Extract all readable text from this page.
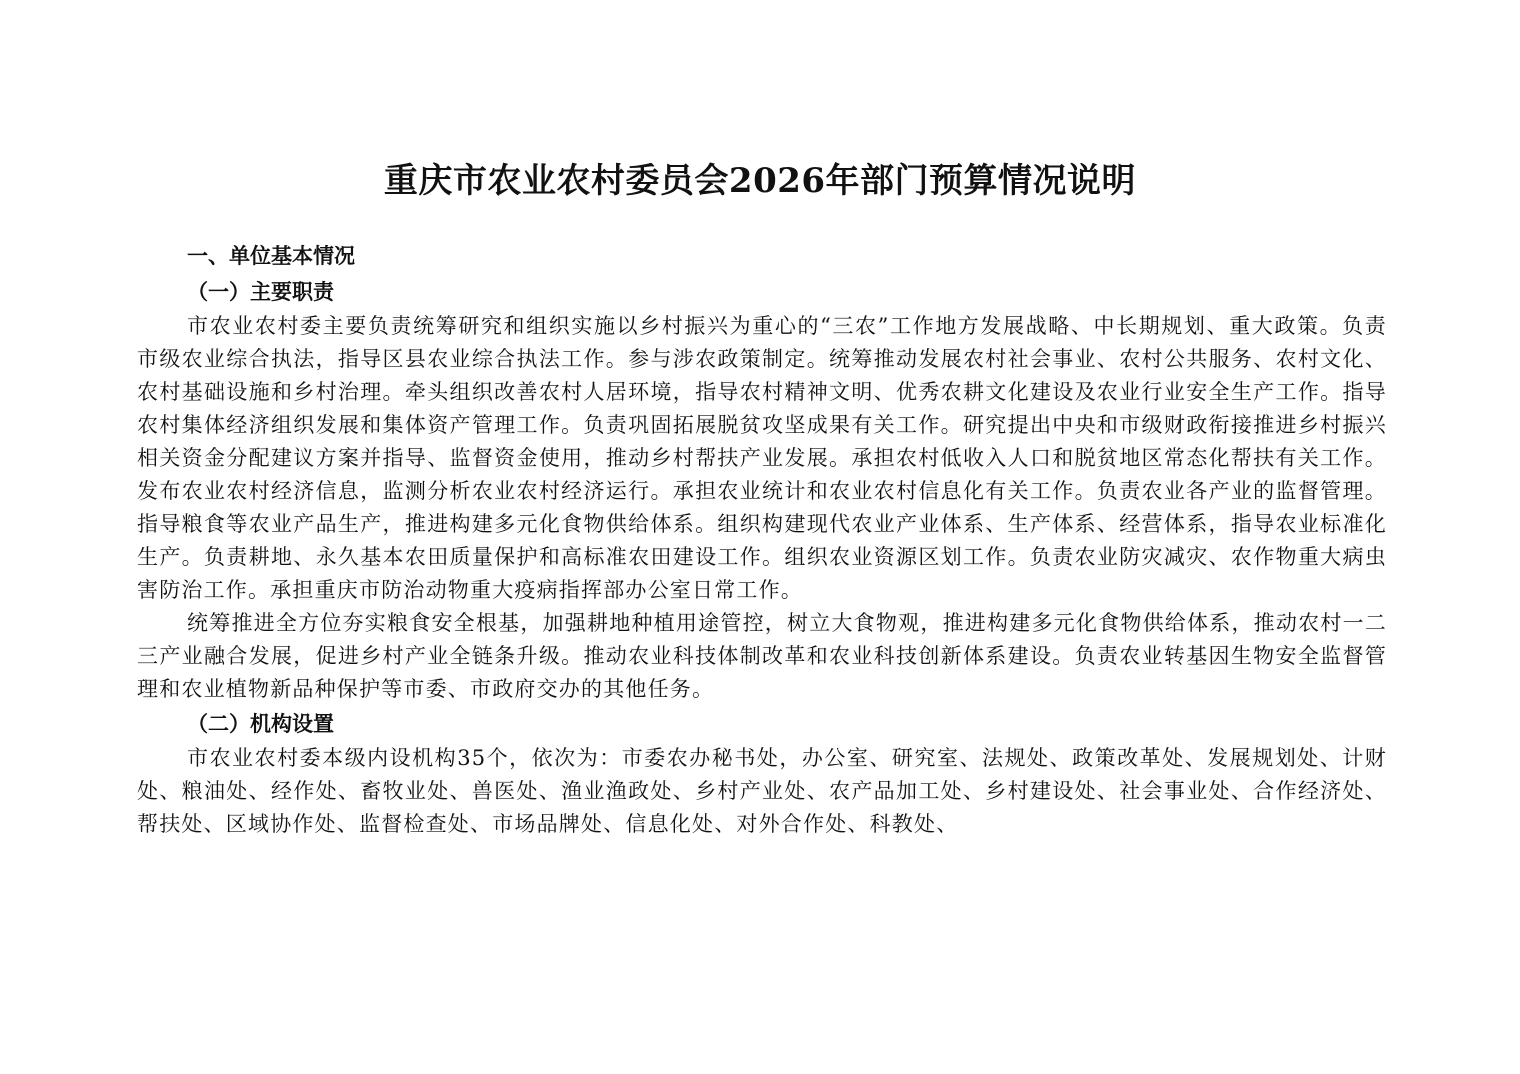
重庆市农业农村委员会2026年部门预算情况说明

一、单位基本情况

（一）主要职责

市农业农村委主要负责统筹研究和组织实施以乡村振兴为重心的“三农”工作地方发展战略、中长期规划、重大政策。负责市级农业综合执法，指导区县农业综合执法工作。参与涉农政策制定。统筹推动发展农村社会事业、农村公共服务、农村文化、农村基础设施和乡村治理。牵头组织改善农村人居环境，指导农村精神文明、优秀农耕文化建设及农业行业安全生产工作。指导农村集体经济组织发展和集体资产管理工作。负责巩固拓展脱贫攻坚成果有关工作。研究提出中央和市级财政衔接推进乡村振兴相关资金分配建议方案并指导、监督资金使用，推动乡村帮扶产业发展。承担农村低收入人口和脱贫地区常态化帮扶有关工作。发布农业农村经济信息，监测分析农业农村经济运行。承担农业统计和农业农村信息化有关工作。负责农业各产业的监督管理。指导粮食等农业产品生产，推进构建多元化食物供给体系。组织构建现代农业产业体系、生产体系、经营体系，指导农业标准化生产。负责耕地、永久基本农田质量保护和高标准农田建设工作。组织农业资源区划工作。负责农业防灾减灾、农作物重大病虫害防治工作。承担重庆市防治动物重大疫病指挥部办公室日常工作。

统筹推进全方位夯实粮食安全根基，加强耕地种植用途管控，树立大食物观，推进构建多元化食物供给体系，推动农村一二三产业融合发展，促进乡村产业全链条升级。推动农业科技体制改革和农业科技创新体系建设。负责农业转基因生物安全监督管理和农业植物新品种保护等市委、市政府交办的其他任务。

（二）机构设置

市农业农村委本级内设机构35个，依次为：市委农办秘书处，办公室、研究室、法规处、政策改革处、发展规划处、计财处、粮油处、经作处、畜牧业处、兽医处、渔业渔政处、乡村产业处、农产品加工处、乡村建设处、社会事业处、合作经济处、帮扶处、区域协作处、监督检查处、市场品牌处、信息化处、对外合作处、科教处、
